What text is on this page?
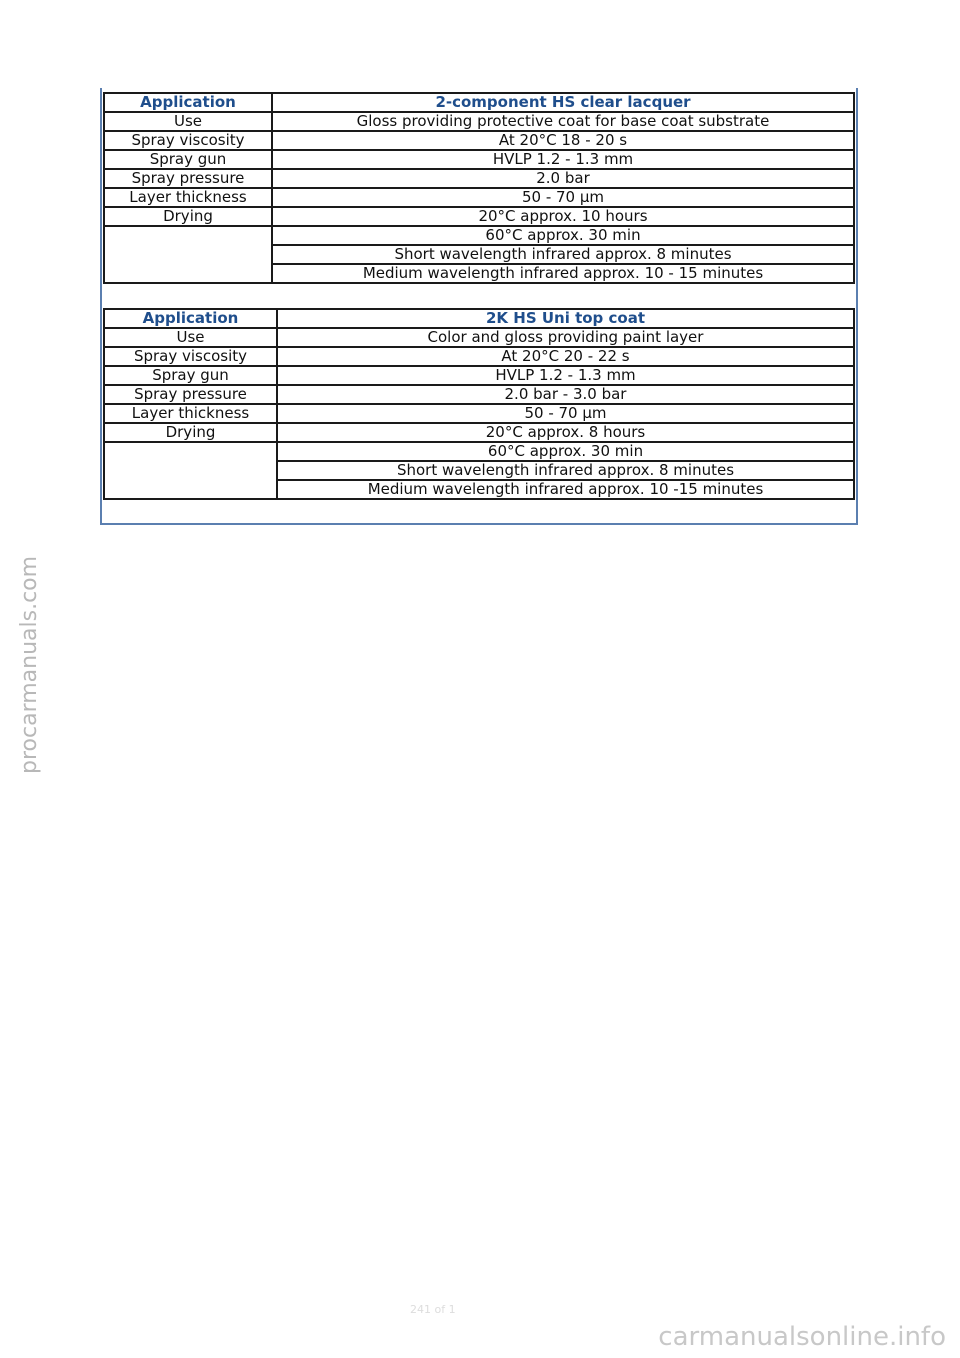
Application	2-component HS clear lacquer
Use	Gloss providing protective coat for base coat substrate
Spray viscosity	At 20°C 18 - 20 s
Spray gun	HVLP 1.2 - 1.3 mm
Spray pressure	2.0 bar
Layer thickness	50 - 70 µm
Drying	20°C approx. 10 hours
	60°C approx. 30 min
	Short wavelength infrared approx. 8 minutes
	Medium wavelength infrared approx. 10 - 15 minutes
Application	2K HS Uni top coat
Use	Color and gloss providing paint layer
Spray viscosity	At 20°C 20 - 22 s
Spray gun	HVLP 1.2 - 1.3 mm
Spray pressure	2.0 bar - 3.0 bar
Layer thickness	50 - 70 µm
Drying	20°C approx. 8 hours
	60°C approx. 30 min
	Short wavelength infrared approx. 8 minutes
	Medium wavelength infrared approx. 10 -15 minutes
procarmanuals.com
241 of 1
carmanualsonline.info
